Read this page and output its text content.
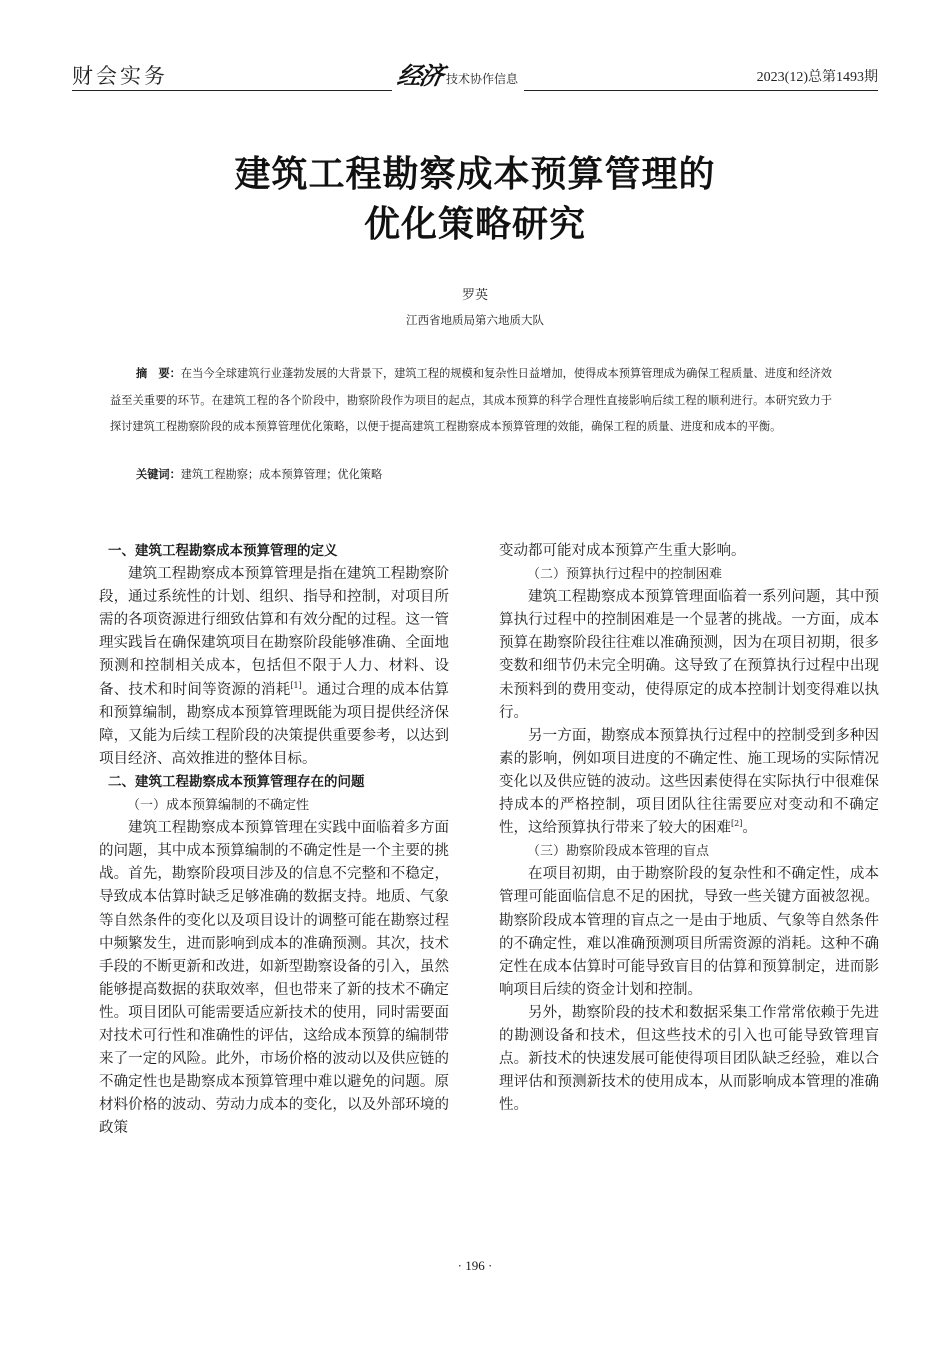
财会实务	经济 技术协作信息	2023(12)总第1493期
建筑工程勘察成本预算管理的
优化策略研究
罗英
江西省地质局第六地质大队
摘　要：在当今全球建筑行业蓬勃发展的大背景下，建筑工程的规模和复杂性日益增加，使得成本预算管理成为确保工程质量、进度和经济效益至关重要的环节。在建筑工程的各个阶段中，勘察阶段作为项目的起点，其成本预算的科学合理性直接影响后续工程的顺利进行。本研究致力于探讨建筑工程勘察阶段的成本预算管理优化策略，以便于提高建筑工程勘察成本预算管理的效能，确保工程的质量、进度和成本的平衡。
关键词：建筑工程勘察；成本预算管理；优化策略
一、建筑工程勘察成本预算管理的定义

建筑工程勘察成本预算管理是指在建筑工程勘察阶段，通过系统性的计划、组织、指导和控制，对项目所需的各项资源进行细致估算和有效分配的过程。这一管理实践旨在确保建筑项目在勘察阶段能够准确、全面地预测和控制相关成本，包括但不限于人力、材料、设备、技术和时间等资源的消耗[1]。通过合理的成本估算和预算编制，勘察成本预算管理既能为项目提供经济保障，又能为后续工程阶段的决策提供重要参考，以达到项目经济、高效推进的整体目标。

二、建筑工程勘察成本预算管理存在的问题
（一）成本预算编制的不确定性

建筑工程勘察成本预算管理在实践中面临着多方面的问题，其中成本预算编制的不确定性是一个主要的挑战。首先，勘察阶段项目涉及的信息不完整和不稳定，导致成本估算时缺乏足够准确的数据支持。地质、气象等自然条件的变化以及项目设计的调整可能在勘察过程中频繁发生，进而影响到成本的准确预测。其次，技术手段的不断更新和改进，如新型勘察设备的引入，虽然能够提高数据的获取效率，但也带来了新的技术不确定性。项目团队可能需要适应新技术的使用，同时需要面对技术可行性和准确性的评估，这给成本预算的编制带来了一定的风险。此外，市场价格的波动以及供应链的不确定性也是勘察成本预算管理中难以避免的问题。原材料价格的波动、劳动力成本的变化，以及外部环境的政策

变动都可能对成本预算产生重大影响。

（二）预算执行过程中的控制困难

建筑工程勘察成本预算管理面临着一系列问题，其中预算执行过程中的控制困难是一个显著的挑战。一方面，成本预算在勘察阶段往往难以准确预测，因为在项目初期，很多变数和细节仍未完全明确。这导致了在预算执行过程中出现未预料到的费用变动，使得原定的成本控制计划变得难以执行。

另一方面，勘察成本预算执行过程中的控制受到多种因素的影响，例如项目进度的不确定性、施工现场的实际情况变化以及供应链的波动。这些因素使得在实际执行中很难保持成本的严格控制，项目团队往往需要应对变动和不确定性，这给预算执行带来了较大的困难[2]。

（三）勘察阶段成本管理的盲点

在项目初期，由于勘察阶段的复杂性和不确定性，成本管理可能面临信息不足的困扰，导致一些关键方面被忽视。勘察阶段成本管理的盲点之一是由于地质、气象等自然条件的不确定性，难以准确预测项目所需资源的消耗。这种不确定性在成本估算时可能导致盲目的估算和预算制定，进而影响项目后续的资金计划和控制。

另外，勘察阶段的技术和数据采集工作常常依赖于先进的勘测设备和技术，但这些技术的引入也可能导致管理盲点。新技术的快速发展可能使得项目团队缺乏经验，难以合理评估和预测新技术的使用成本，从而影响成本管理的准确性。

· 196 ·
